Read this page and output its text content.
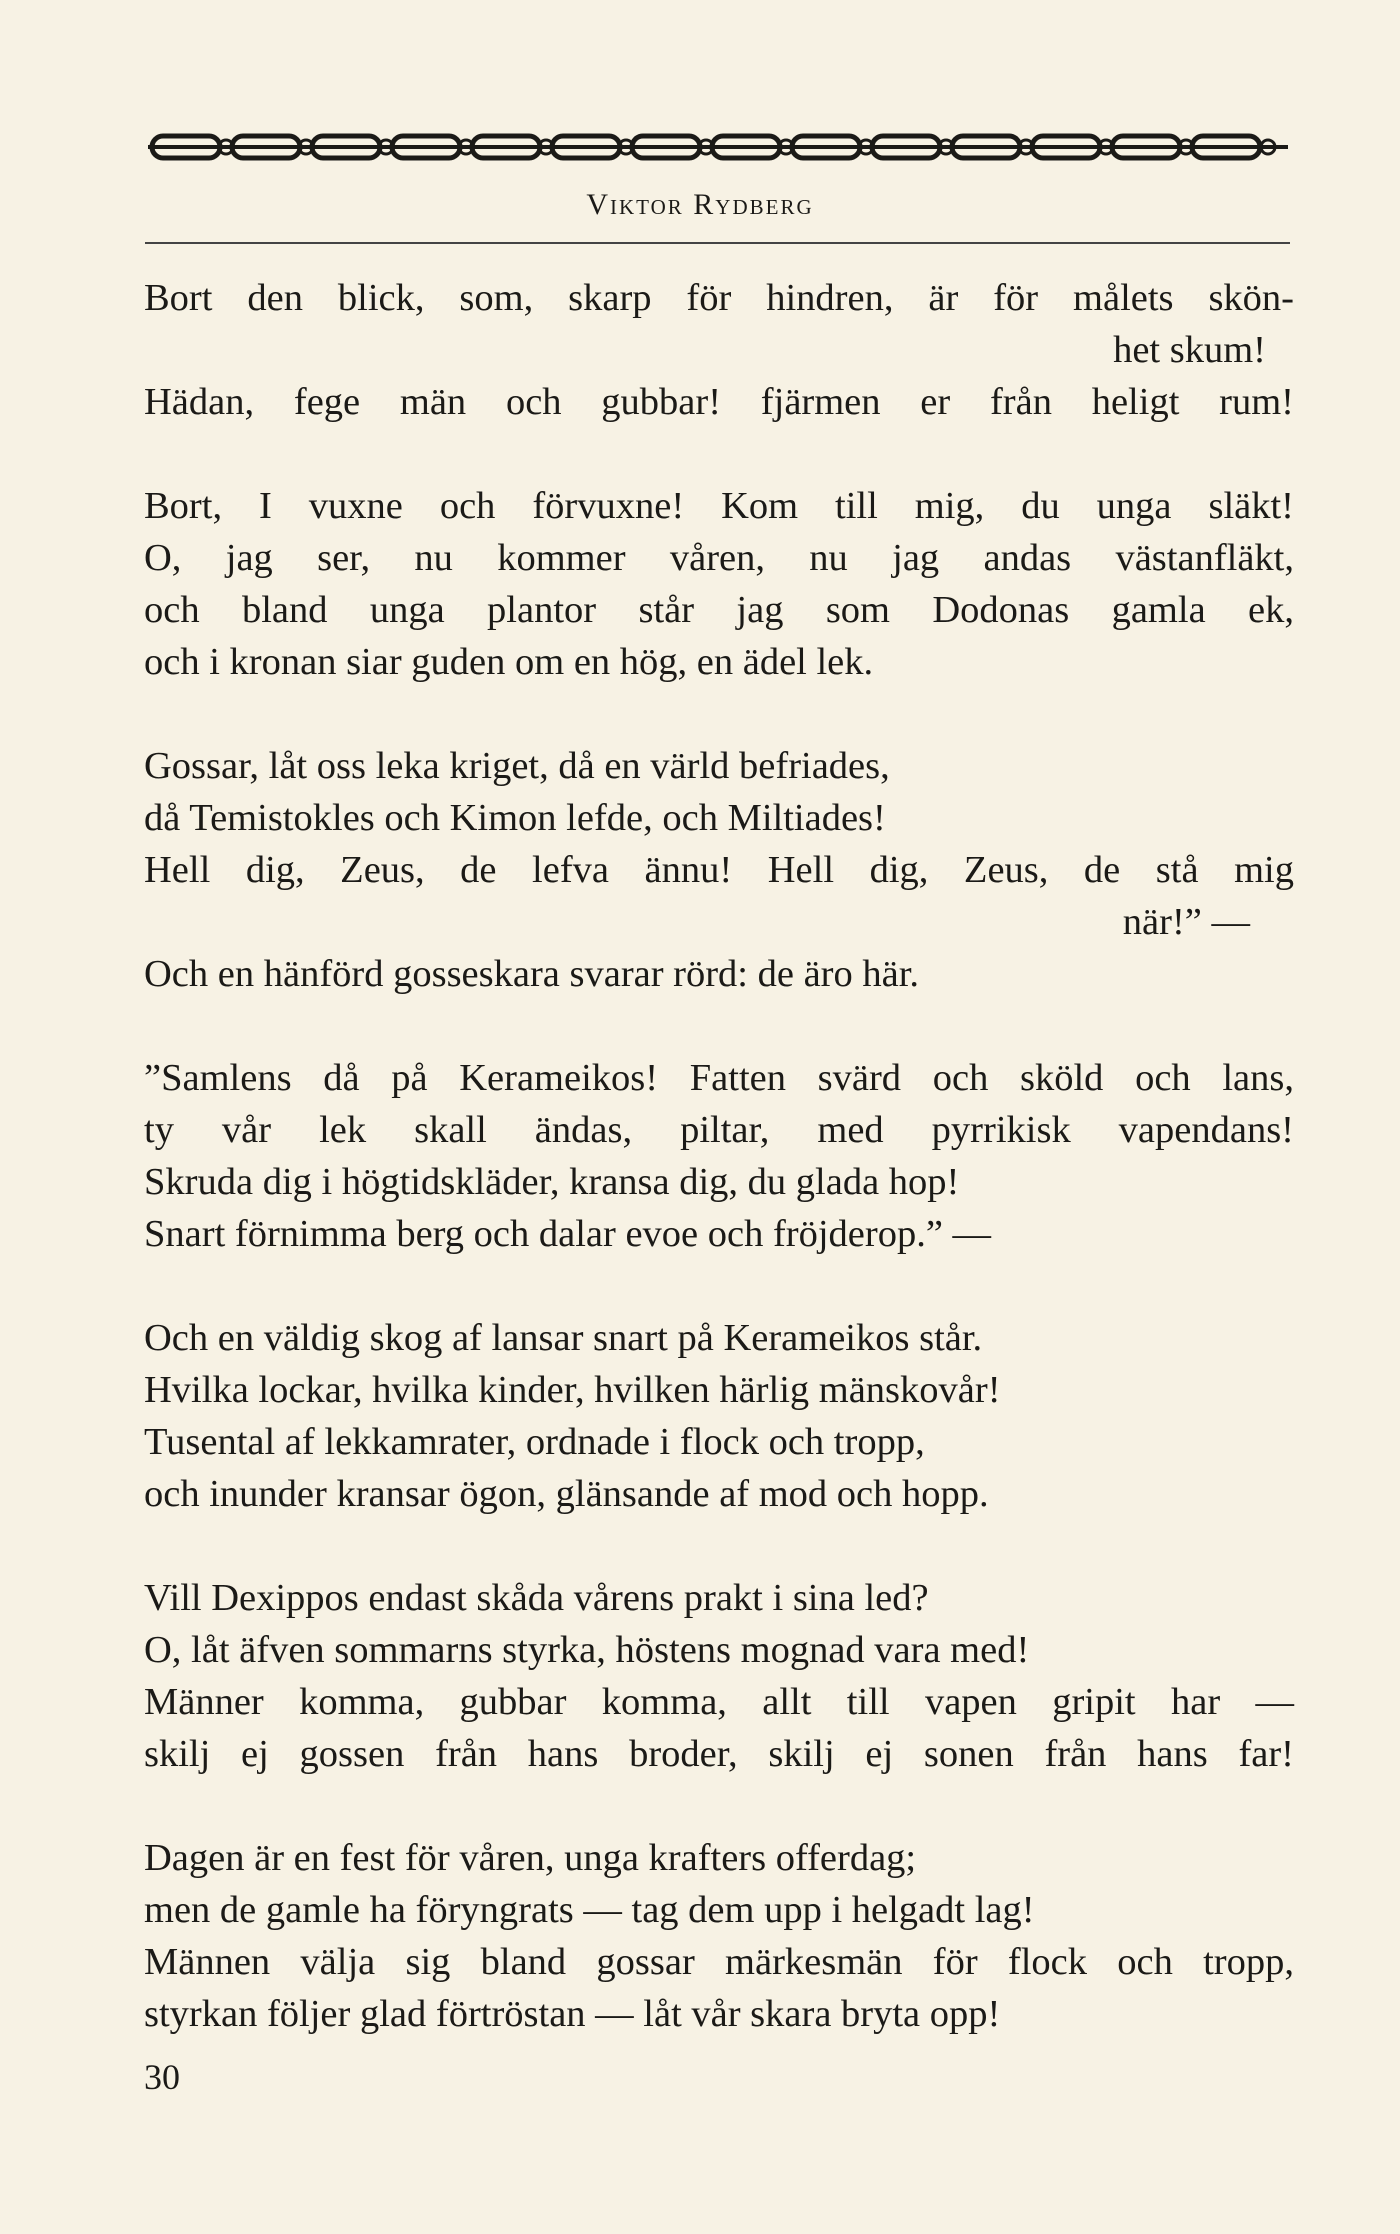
Viktor Rydberg
Bort den blick, som, skarp för hindren, är för målets skön-
het skum!
Hädan, fege män och gubbar! fjärmen er från heligt rum!
Bort, I vuxne och förvuxne! Kom till mig, du unga släkt!
O, jag ser, nu kommer våren, nu jag andas västanfläkt,
och bland unga plantor står jag som Dodonas gamla ek,
och i kronan siar guden om en hög, en ädel lek.
Gossar, låt oss leka kriget, då en värld befriades,
då Temistokles och Kimon lefde, och Miltiades!
Hell dig, Zeus, de lefva ännu! Hell dig, Zeus, de stå mig
när!” —
Och en hänförd gosseskara svarar rörd: de äro här.
”Samlens då på Kerameikos! Fatten svärd och sköld och lans,
ty vår lek skall ändas, piltar, med pyrrikisk vapendans!
Skruda dig i högtidskläder, kransa dig, du glada hop!
Snart förnimma berg och dalar evoe och fröjderop.” —
Och en väldig skog af lansar snart på Kerameikos står.
Hvilka lockar, hvilka kinder, hvilken härlig mänskovår!
Tusental af lekkamrater, ordnade i flock och tropp,
och inunder kransar ögon, glänsande af mod och hopp.
Vill Dexippos endast skåda vårens prakt i sina led?
O, låt äfven sommarns styrka, höstens mognad vara med!
Männer komma, gubbar komma, allt till vapen gripit har —
skilj ej gossen från hans broder, skilj ej sonen från hans far!
Dagen är en fest för våren, unga krafters offerdag;
men de gamle ha föryngrats — tag dem upp i helgadt lag!
Männen välja sig bland gossar märkesmän för flock och tropp,
styrkan följer glad förtröstan — låt vår skara bryta opp!
30
